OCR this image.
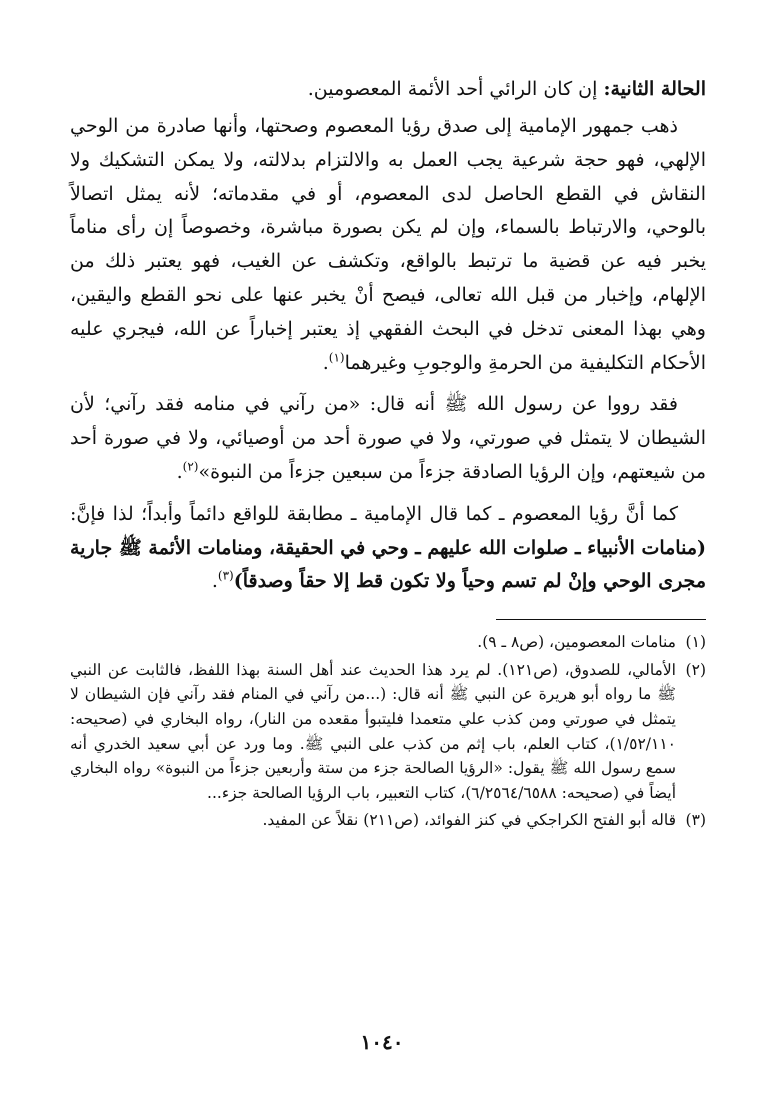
الحالة الثانية: إن كان الرائي أحد الأئمة المعصومين.

ذهب جمهور الإمامية إلى صدق رؤيا المعصوم وصحتها، وأنها صادرة من الوحي الإلهي، فهو حجة شرعية يجب العمل به والالتزام بدلالته، ولا يمكن التشكيك ولا النقاش في القطع الحاصل لدى المعصوم، أو في مقدماته؛ لأنه يمثل اتصالاً بالوحي، والارتباط بالسماء، وإن لم يكن بصورة مباشرة، وخصوصاً إن رأى مناماً يخبر فيه عن قضية ما ترتبط بالواقع، وتكشف عن الغيب، فهو يعتبر ذلك من الإلهام، وإخبار من قبل الله تعالى، فيصح أنْ يخبر عنها على نحو القطع واليقين، وهي بهذا المعنى تدخل في البحث الفقهي إذ يعتبر إخباراً عن الله، فيجري عليه الأحكام التكليفية من الحرمةِ والوجوبِ وغيرهما$^{(١)}$.

فقد رووا عن رسول الله ﷺ أنه قال: «من رآني في منامه فقد رآني؛ لأن الشيطان لا يتمثل في صورتي، ولا في صورة أحد من أوصيائي، ولا في صورة أحد من شيعتهم، وإن الرؤيا الصادقة جزءاً من سبعين جزءاً من النبوة»$^{(٢)}$.

كما أنَّ رؤيا المعصوم ـ كما قال الإمامية ـ مطابقة للواقع دائماً وأبداً؛ لذا فإنَّ: (منامات الأنبياء ـ صلوات الله عليهم ـ وحي في الحقيقة، ومنامات الأئمة ﷺ جارية مجرى الوحي وإنْ لم تسم وحياً ولا تكون قط إلا حقاً وصدقاً)$^{(٣)}$.

(١)
منامات المعصومين، (ص٨ ـ ٩).
(٢)
الأمالي، للصدوق، (ص١٢١). لم يرد هذا الحديث عند أهل السنة بهذا اللفظ، فالثابت عن النبي ﷺ ما رواه أبو هريرة عن النبي ﷺ أنه قال: (...من رآني في المنام فقد رآني فإن الشيطان لا يتمثل في صورتي ومن كذب علي متعمدا فليتبوأ مقعده من النار)، رواه البخاري في (صحيحه: ١/٥٢/١١٠)، كتاب العلم، باب إثم من كذب على النبي ﷺ. وما ورد عن أبي سعيد الخدري أنه سمع رسول الله ﷺ يقول: «الرؤيا الصالحة جزء من ستة وأربعين جزءاً من النبوة» رواه البخاري أيضاً في (صحيحه: ٦/٢٥٦٤/٦٥٨٨)، كتاب التعبير، باب الرؤيا الصالحة جزء...
(٣)
قاله أبو الفتح الكراجكي في كنز الفوائد، (ص٢١١) نقلاً عن المفيد.
١٠٤٠
